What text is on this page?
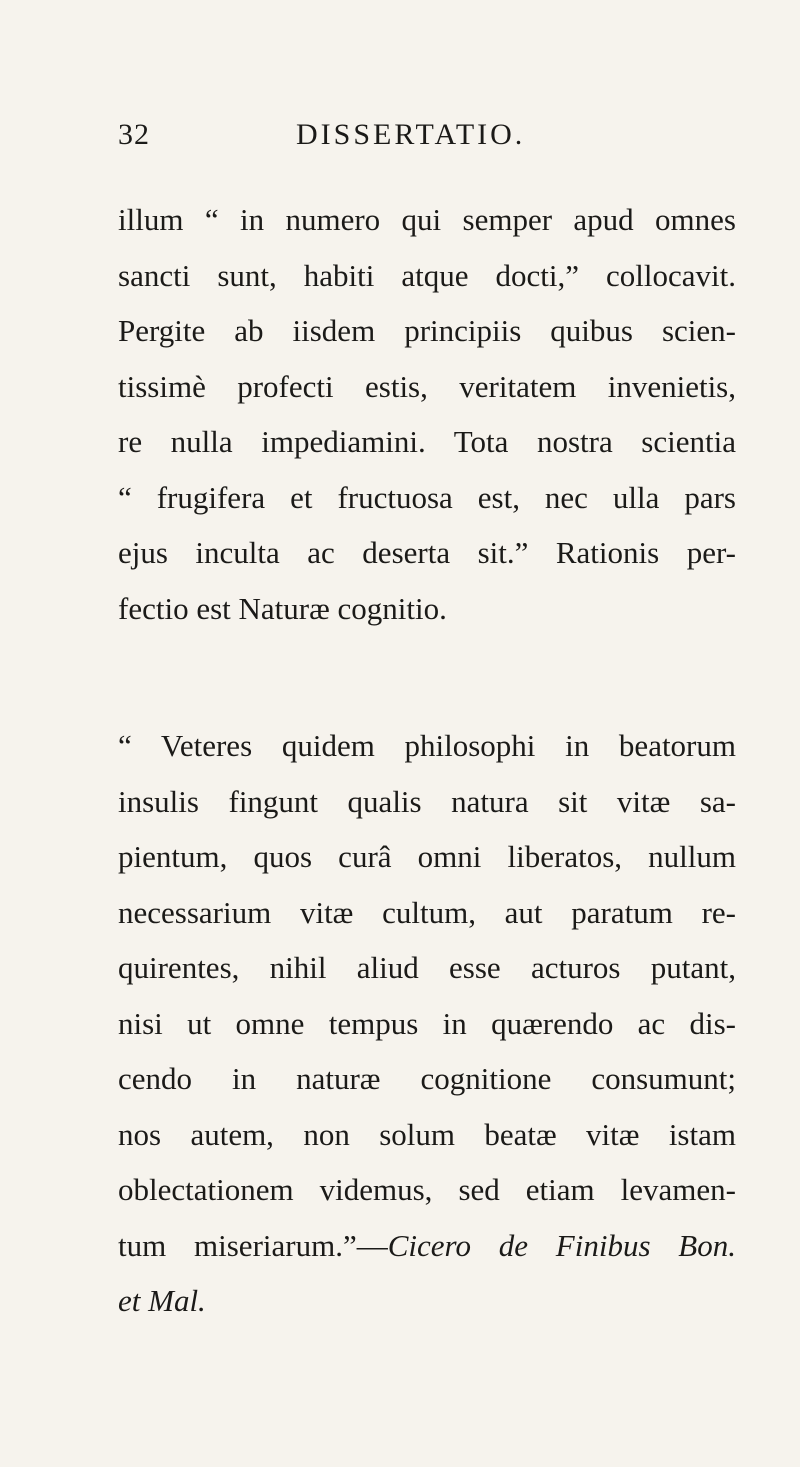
32	DISSERTATIO.
illum “ in numero qui semper apud omnes
sancti sunt, habiti atque docti,” collocavit.
Pergite ab iisdem principiis quibus scien-
tissimè profecti estis, veritatem invenietis,
re nulla impediamini. Tota nostra scientia
“ frugifera et fructuosa est, nec ulla pars
ejus inculta ac deserta sit.” Rationis per-
fectio est Naturæ cognitio.
“ Veteres quidem philosophi in beatorum
insulis fingunt qualis natura sit vitæ sa-
pientum, quos curâ omni liberatos, nullum
necessarium vitæ cultum, aut paratum re-
quirentes, nihil aliud esse acturos putant,
nisi ut omne tempus in quærendo ac dis-
cendo in naturæ cognitione consumunt;
nos autem, non solum beatæ vitæ istam
oblectationem videmus, sed etiam levamen-
tum miseriarum.”—Cicero de Finibus Bon.
et Mal.
